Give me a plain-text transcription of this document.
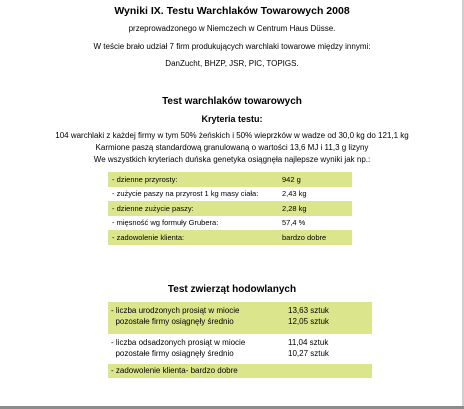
Wyniki IX. Testu Warchlaków Towarowych 2008
przeprowadzonego w Niemczech w Centrum Haus Düsse.
W teście brało udział 7 firm produkujących warchlaki towarowe między innymi:
DanZucht, BHZP, JSR, PIC, TOPIGS.
Test warchlaków towarowych
Kryteria testu:
104 warchlaki z każdej firmy w tym 50% żeńskich i 50% wieprzków w wadze od 30,0 kg do 121,1 kg
Karmione paszą standardową granulowaną o wartości 13,6 MJ i 11,3 g lizyny
We wszystkich kryteriach duńska genetyka osiągnęła najlepsze wyniki jak np.:
- dzienne przyrosty:	942 g
- zużycie paszy na przyrost 1 kg masy ciała:	2,43 kg
- dzienne zużycie paszy:	2,28 kg
- mięsność wg formuły Grubera:	57,4 %
- zadowolenie klienta:	bardzo dobre
Test zwierząt hodowlanych
- liczba urodzonych prosiąt w miocie	13,63 sztuk
pozostałe firmy osiągnęły średnio	12,05 sztuk
- liczba odsadzonych prosiąt w miocie	11,04 sztuk
pozostałe firmy osiągnęły średnio	10,27 sztuk
- zadowolenie klienta- bardzo dobre
